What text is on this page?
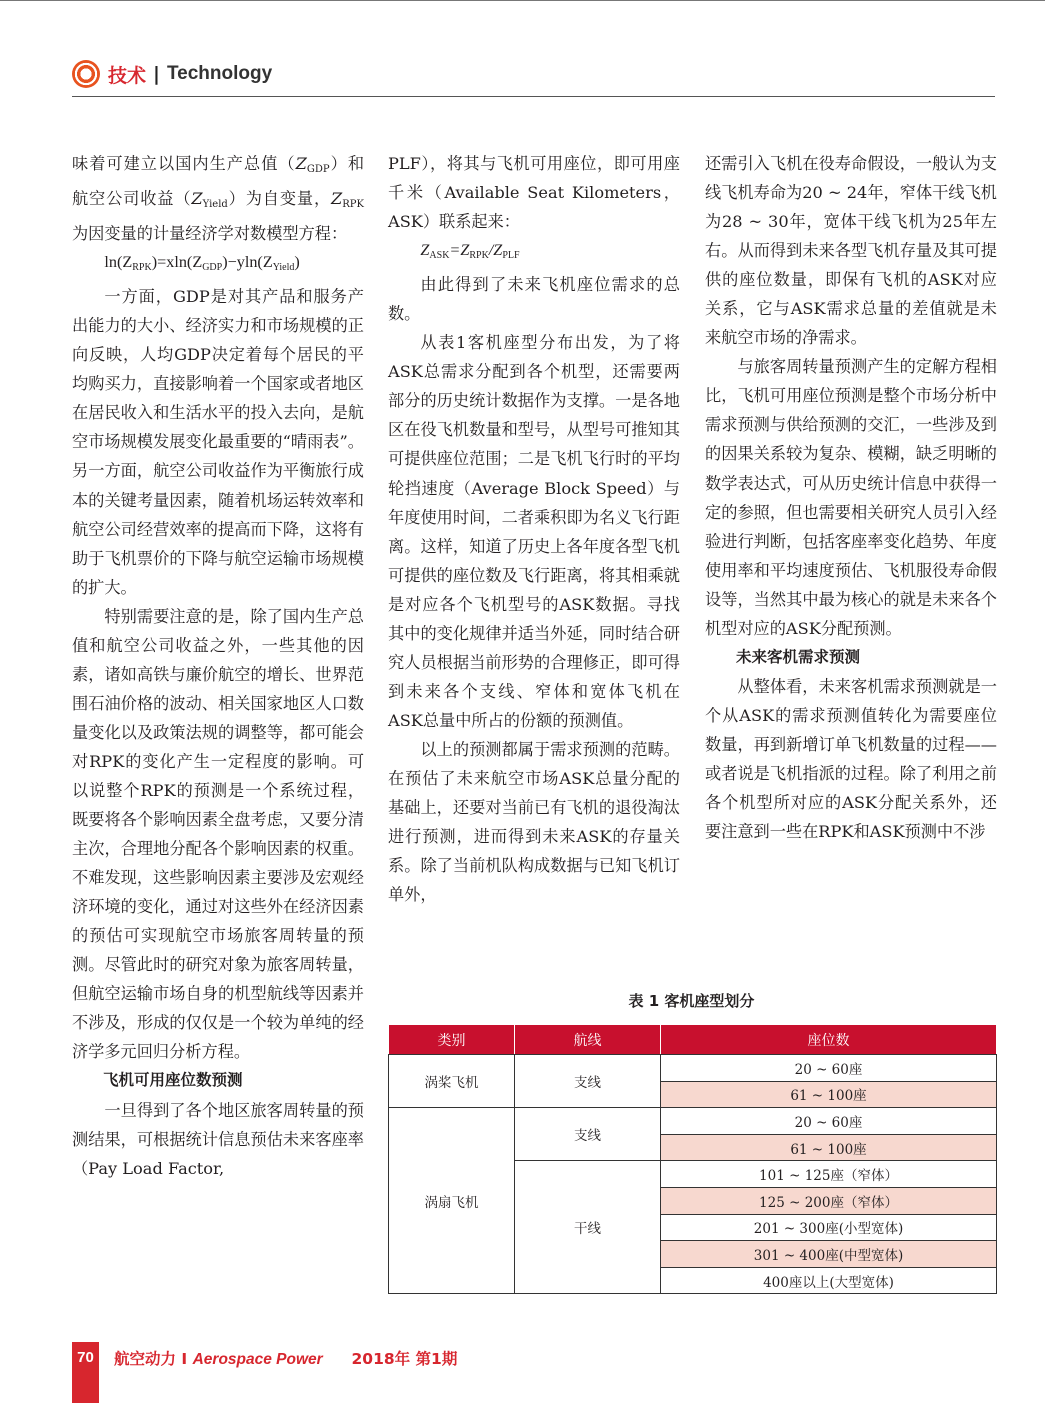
技术 | Technology

味着可建立以国内生产总值$(Z_{GDP})$和航空公司收益$(Z_{Yield})$为自变量，$Z_{RPK}$为因变量的计量经济学对数模型方程：

$\ln(Z_{RPK})=xln(Z_{GDP})-yln(Z_{Yield})$

一方面，GDP是对其产品和服务产出能力的大小、经济实力和市场规模的正向反映，人均GDP决定着每个居民的平均购买力，直接影响着一个国家或者地区在居民收入和生活水平的投入去向，是航空市场规模发展变化最重要的“晴雨表”。另一方面，航空公司收益作为平衡旅行成本的关键考量因素，随着机场运转效率和航空公司经营效率的提高而下降，这将有助于飞机票价的下降与航空运输市场规模的扩大。

特别需要注意的是，除了国内生产总值和航空公司收益之外，一些其他的因素，诸如高铁与廉价航空的增长、世界范围石油价格的波动、相关国家地区人口数量变化以及政策法规的调整等，都可能会对RPK的变化产生一定程度的影响。可以说整个RPK的预测是一个系统过程，既要将各个影响因素全盘考虑，又要分清主次，合理地分配各个影响因素的权重。不难发现，这些影响因素主要涉及宏观经济环境的变化，通过对这些外在经济因素的预估可实现航空市场旅客周转量的预测。尽管此时的研究对象为旅客周转量，但航空运输市场自身的机型航线等因素并不涉及，形成的仅仅是一个较为单纯的经济学多元回归分析方程。

飞机可用座位数预测

一旦得到了各个地区旅客周转量的预测结果，可根据统计信息预估未来客座率（Pay Load Factor,

PLF），将其与飞机可用座位，即可用座千米（Available Seat Kilometers，ASK）联系起来：

$Z_{ASK}=Z_{RPK}/Z_{PLF}$

由此得到了未来飞机座位需求的总数。

从表1客机座型分布出发，为了将ASK总需求分配到各个机型，还需要两部分的历史统计数据作为支撑。一是各地区在役飞机数量和型号，从型号可推知其可提供座位范围；二是飞机飞行时的平均轮挡速度（Average Block Speed）与年度使用时间，二者乘积即为名义飞行距离。这样，知道了历史上各年度各型飞机可提供的座位数及飞行距离，将其相乘就是对应各个飞机型号的ASK数据。寻找其中的变化规律并适当外延，同时结合研究人员根据当前形势的合理修正，即可得到未来各个支线、窄体和宽体飞机在ASK总量中所占的份额的预测值。

以上的预测都属于需求预测的范畴。在预估了未来航空市场ASK总量分配的基础上，还要对当前已有飞机的退役淘汰进行预测，进而得到未来ASK的存量关系。除了当前机队构成数据与已知飞机订单外，

还需引入飞机在役寿命假设，一般认为支线飞机寿命为20 ~ 24年，窄体干线飞机为28 ~ 30年，宽体干线飞机为25年左右。从而得到未来各型飞机存量及其可提供的座位数量，即保有飞机的ASK对应关系，它与ASK需求总量的差值就是未来航空市场的净需求。

与旅客周转量预测产生的定解方程相比，飞机可用座位预测是整个市场分析中需求预测与供给预测的交汇，一些涉及到的因果关系较为复杂、模糊，缺乏明晰的数学表达式，可从历史统计信息中获得一定的参照，但也需要相关研究人员引入经验进行判断，包括客座率变化趋势、年度使用率和平均速度预估、飞机服役寿命假设等，当然其中最为核心的就是未来各个机型对应的ASK分配预测。

未来客机需求预测

从整体看，未来客机需求预测就是一个从ASK的需求预测值转化为需要座位数量，再到新增订单飞机数量的过程——或者说是飞机指派的过程。除了利用之前各个机型所对应的ASK分配关系外，还要注意到一些在RPK和ASK预测中不涉

表 1 客机座型划分
类别	航线	座位数
涡桨飞机	支线	20 ~ 60座
		61 ~ 100座
涡扇飞机	支线	20 ~ 60座
		61 ~ 100座
	干线	101 ~ 125座（窄体）
		125 ~ 200座（窄体）
		201 ~ 300座(小型宽体)
		301 ~ 400座(中型宽体)
		400座以上(大型宽体)
70	航空动力 I Aerospace Power 2018年 第1期
